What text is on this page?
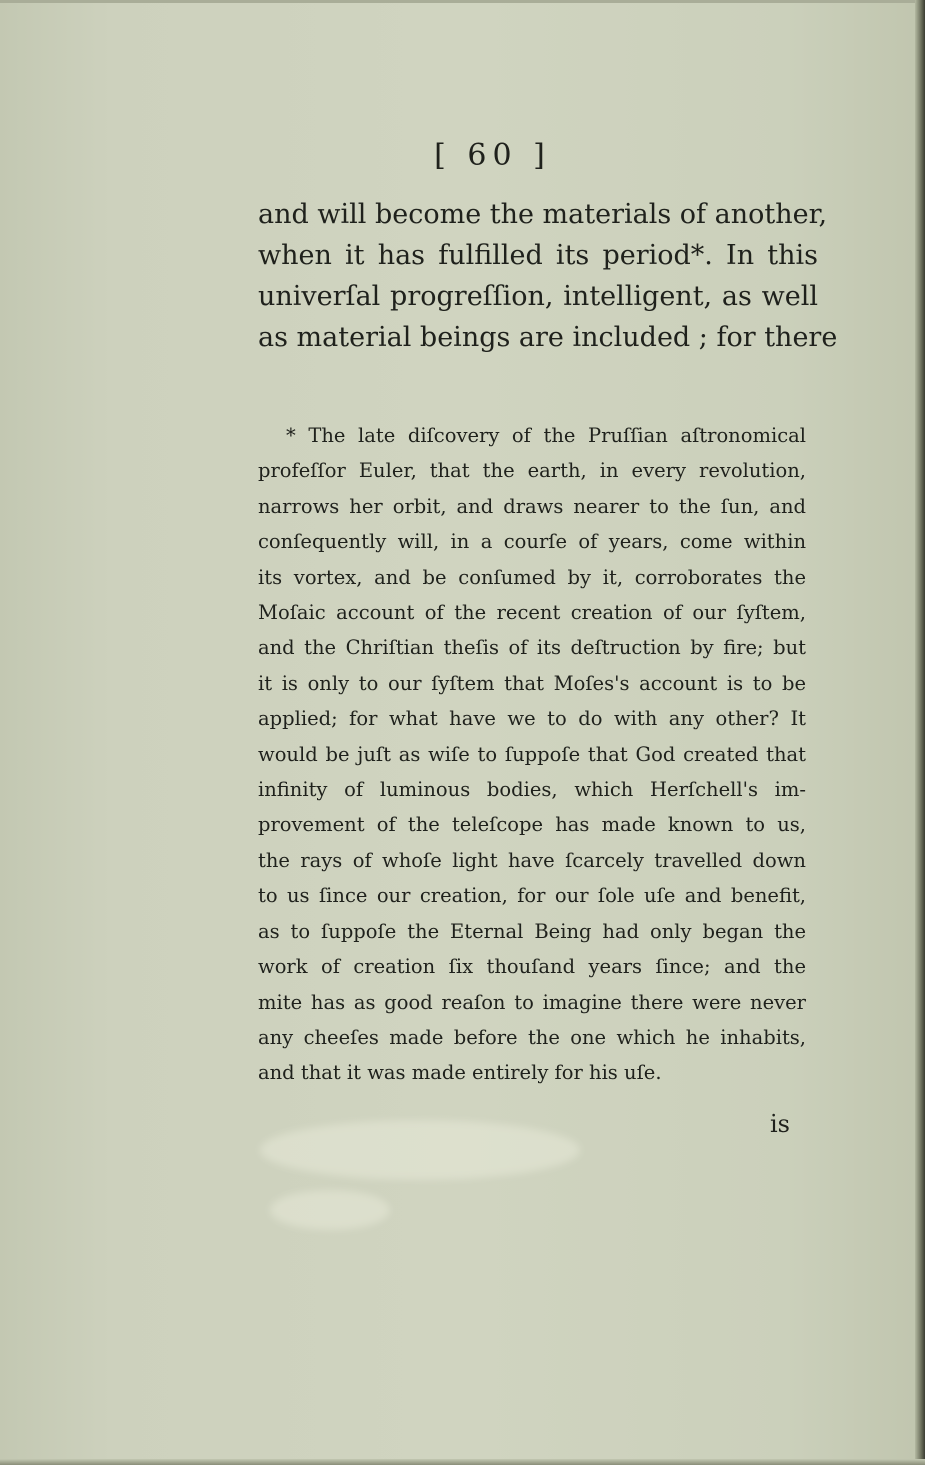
[ 60 ]
and will become the materials of another,
when it has fulfilled its period*. In this
univerſal progreſſion, intelligent, as well
as material beings are included ; for there
* The late diſcovery of the Pruſſian aſtronomical
profeſſor Euler, that the earth, in every revolution,
narrows her orbit, and draws nearer to the ſun, and
conſequently will, in a courſe of years, come within
its vortex, and be conſumed by it, corroborates the
Moſaic account of the recent creation of our ſyſtem,
and the Chriſtian theſis of its deſtruction by fire; but
it is only to our ſyſtem that Moſes's account is to be
applied; for what have we to do with any other? It
would be juſt as wiſe to ſuppoſe that God created that
infinity of luminous bodies, which Herſchell's im-
provement of the teleſcope has made known to us,
the rays of whoſe light have ſcarcely travelled down
to us ſince our creation, for our ſole uſe and benefit,
as to ſuppoſe the Eternal Being had only began the
work of creation ſix thouſand years ſince; and the
mite has as good reaſon to imagine there were never
any cheeſes made before the one which he inhabits,
and that it was made entirely for his uſe.
is
